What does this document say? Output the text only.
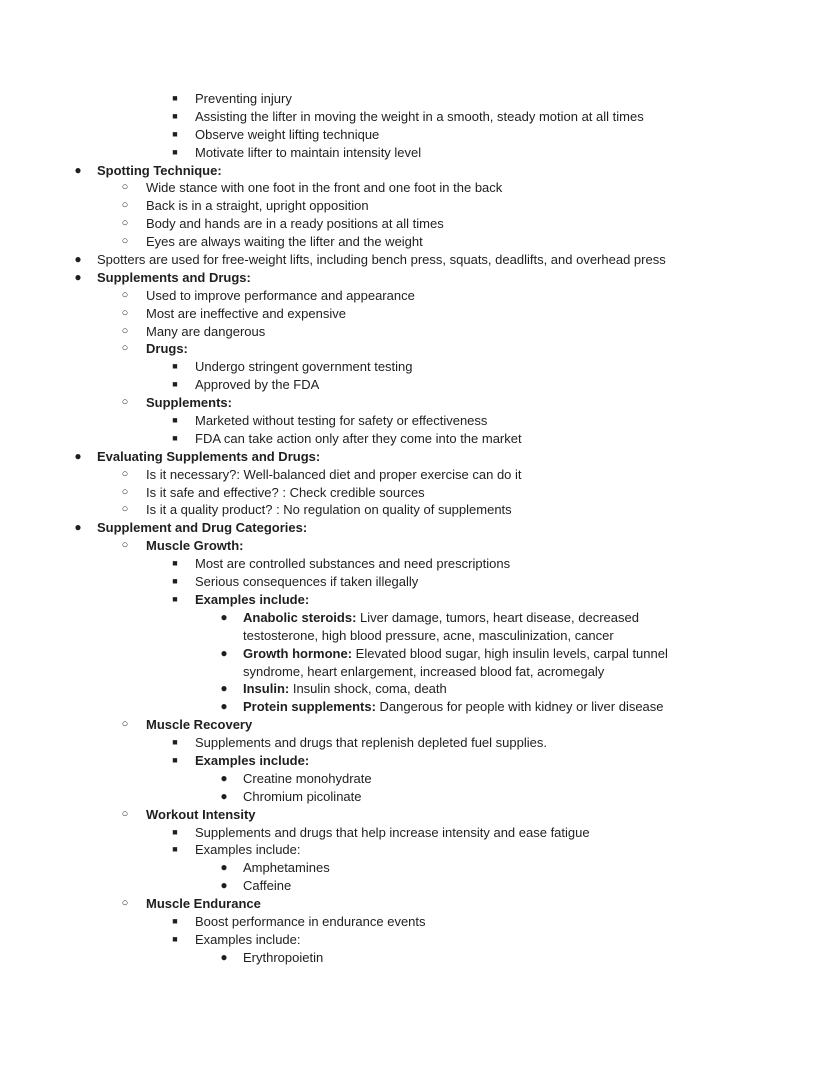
■ Preventing injury
■ Assisting the lifter in moving the weight in a smooth, steady motion at all times
■ Observe weight lifting technique
■ Motivate lifter to maintain intensity level
● Spotting Technique:
○ Wide stance with one foot in the front and one foot in the back
○ Back is in a straight, upright opposition
○ Body and hands are in a ready positions at all times
○ Eyes are always waiting the lifter and the weight
● Spotters are used for free-weight lifts, including bench press, squats, deadlifts, and overhead press
● Supplements and Drugs:
○ Used to improve performance and appearance
○ Most are ineffective and expensive
○ Many are dangerous
○ Drugs:
■ Undergo stringent government testing
■ Approved by the FDA
○ Supplements:
■ Marketed without testing for safety or effectiveness
■ FDA can take action only after they come into the market
● Evaluating Supplements and Drugs:
○ Is it necessary?: Well-balanced diet and proper exercise can do it
○ Is it safe and effective? : Check credible sources
○ Is it a quality product? : No regulation on quality of supplements
● Supplement and Drug Categories:
○ Muscle Growth:
■ Most are controlled substances and need prescriptions
■ Serious consequences if taken illegally
■ Examples include:
● Anabolic steroids: Liver damage, tumors, heart disease, decreased testosterone, high blood pressure, acne, masculinization, cancer
● Growth hormone: Elevated blood sugar, high insulin levels, carpal tunnel syndrome, heart enlargement, increased blood fat, acromegaly
● Insulin: Insulin shock, coma, death
● Protein supplements: Dangerous for people with kidney or liver disease
○ Muscle Recovery
■ Supplements and drugs that replenish depleted fuel supplies.
■ Examples include:
● Creatine monohydrate
● Chromium picolinate
○ Workout Intensity
■ Supplements and drugs that help increase intensity and ease fatigue
■ Examples include:
● Amphetamines
● Caffeine
○ Muscle Endurance
■ Boost performance in endurance events
■ Examples include:
● Erythropoietin
